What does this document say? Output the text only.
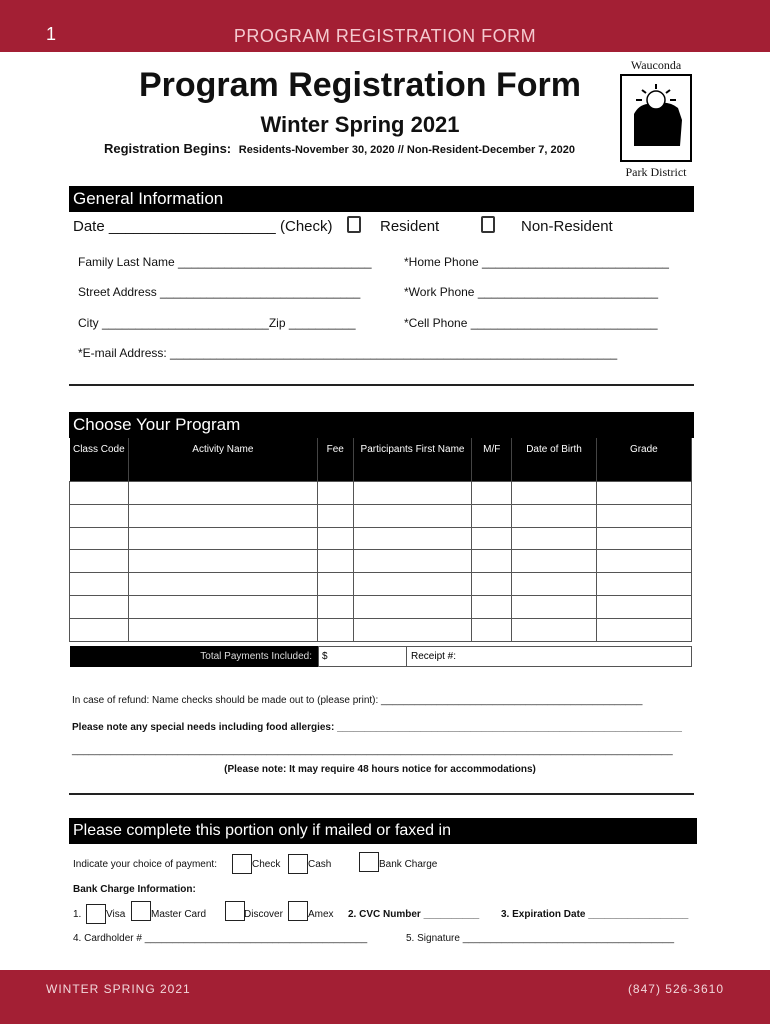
1	PROGRAM REGISTRATION FORM
Program Registration Form
Winter Spring 2021
Registration Begins: Residents-November 30, 2020 // Non-Resident-December 7, 2020
Wauconda
Park District
General Information
Date ____________________ (Check)	Resident	Non-Resident
Family Last Name _____________________________	*Home Phone ____________________________
Street Address ______________________________	*Work Phone ___________________________
City _________________________Zip __________	*Cell Phone ____________________________
*E-mail Address: ___________________________________________________________________
Choose Your Program
Class Code	Activity Name	Fee	Participants First Name	M/F	Date of Birth	Grade

Total Payments Included: $	Receipt #:
In case of refund: Name checks should be made out to (please print): _______________________________________________
Please note any special needs including food allergies: ______________________________________________________________
____________________________________________________________________________________________________________
(Please note: It may require 48 hours notice for accommodations)
Please complete this portion only if mailed or faxed in
Indicate your choice of payment:	Check	Cash	Bank Charge
Bank Charge Information:
1. Visa	Master Card	Discover	Amex 2. CVC Number __________ 3. Expiration Date __________________
4. Cardholder # ________________________________________	5. Signature ______________________________________
WINTER SPRING 2021	(847) 526-3610
